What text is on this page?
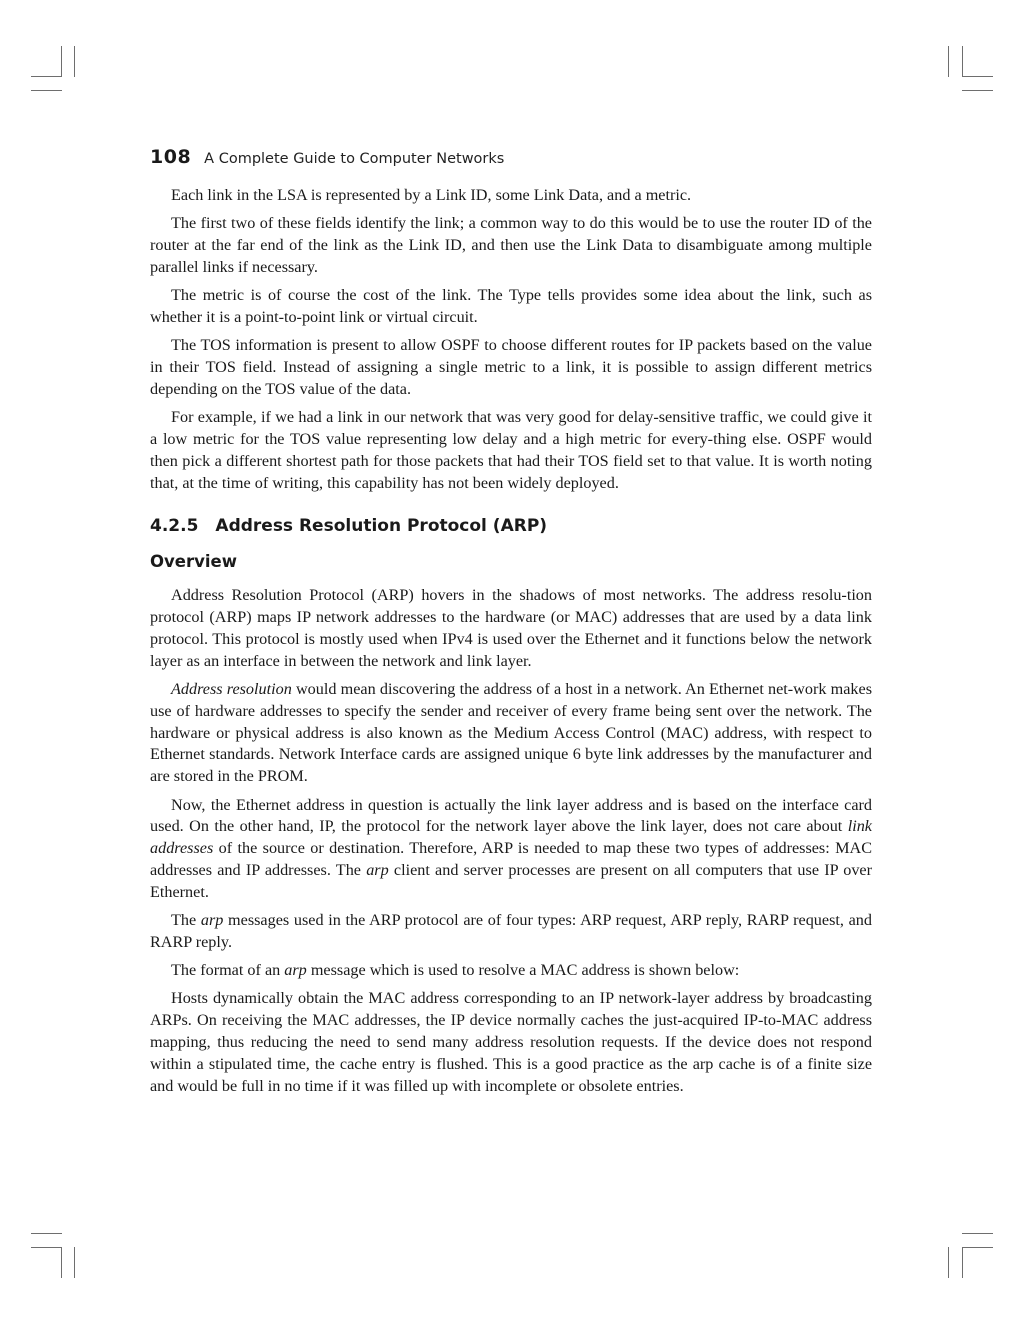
108 A Complete Guide to Computer Networks

Each link in the LSA is represented by a Link ID, some Link Data, and a metric.

The first two of these fields identify the link; a common way to do this would be to use the router ID of the router at the far end of the link as the Link ID, and then use the Link Data to disambiguate among multiple parallel links if necessary.

The metric is of course the cost of the link. The Type tells provides some idea about the link, such as whether it is a point-to-point link or virtual circuit.

The TOS information is present to allow OSPF to choose different routes for IP packets based on the value in their TOS field. Instead of assigning a single metric to a link, it is possible to assign different metrics depending on the TOS value of the data.

For example, if we had a link in our network that was very good for delay-sensitive traffic, we could give it a low metric for the TOS value representing low delay and a high metric for every-thing else. OSPF would then pick a different shortest path for those packets that had their TOS field set to that value. It is worth noting that, at the time of writing, this capability has not been widely deployed.

4.2.5 Address Resolution Protocol (ARP)
Overview

Address Resolution Protocol (ARP) hovers in the shadows of most networks. The address resolu-tion protocol (ARP) maps IP network addresses to the hardware (or MAC) addresses that are used by a data link protocol. This protocol is mostly used when IPv4 is used over the Ethernet and it functions below the network layer as an interface in between the network and link layer.

Address resolution would mean discovering the address of a host in a network. An Ethernet net-work makes use of hardware addresses to specify the sender and receiver of every frame being sent over the network. The hardware or physical address is also known as the Medium Access Control (MAC) address, with respect to Ethernet standards. Network Interface cards are assigned unique 6 byte link addresses by the manufacturer and are stored in the PROM.

Now, the Ethernet address in question is actually the link layer address and is based on the interface card used. On the other hand, IP, the protocol for the network layer above the link layer, does not care about link addresses of the source or destination. Therefore, ARP is needed to map these two types of addresses: MAC addresses and IP addresses. The arp client and server processes are present on all computers that use IP over Ethernet.

The arp messages used in the ARP protocol are of four types: ARP request, ARP reply, RARP request, and RARP reply.

The format of an arp message which is used to resolve a MAC address is shown below:

Hosts dynamically obtain the MAC address corresponding to an IP network-layer address by broadcasting ARPs. On receiving the MAC addresses, the IP device normally caches the just-acquired IP-to-MAC address mapping, thus reducing the need to send many address resolution requests. If the device does not respond within a stipulated time, the cache entry is flushed. This is a good practice as the arp cache is of a finite size and would be full in no time if it was filled up with incomplete or obsolete entries.
